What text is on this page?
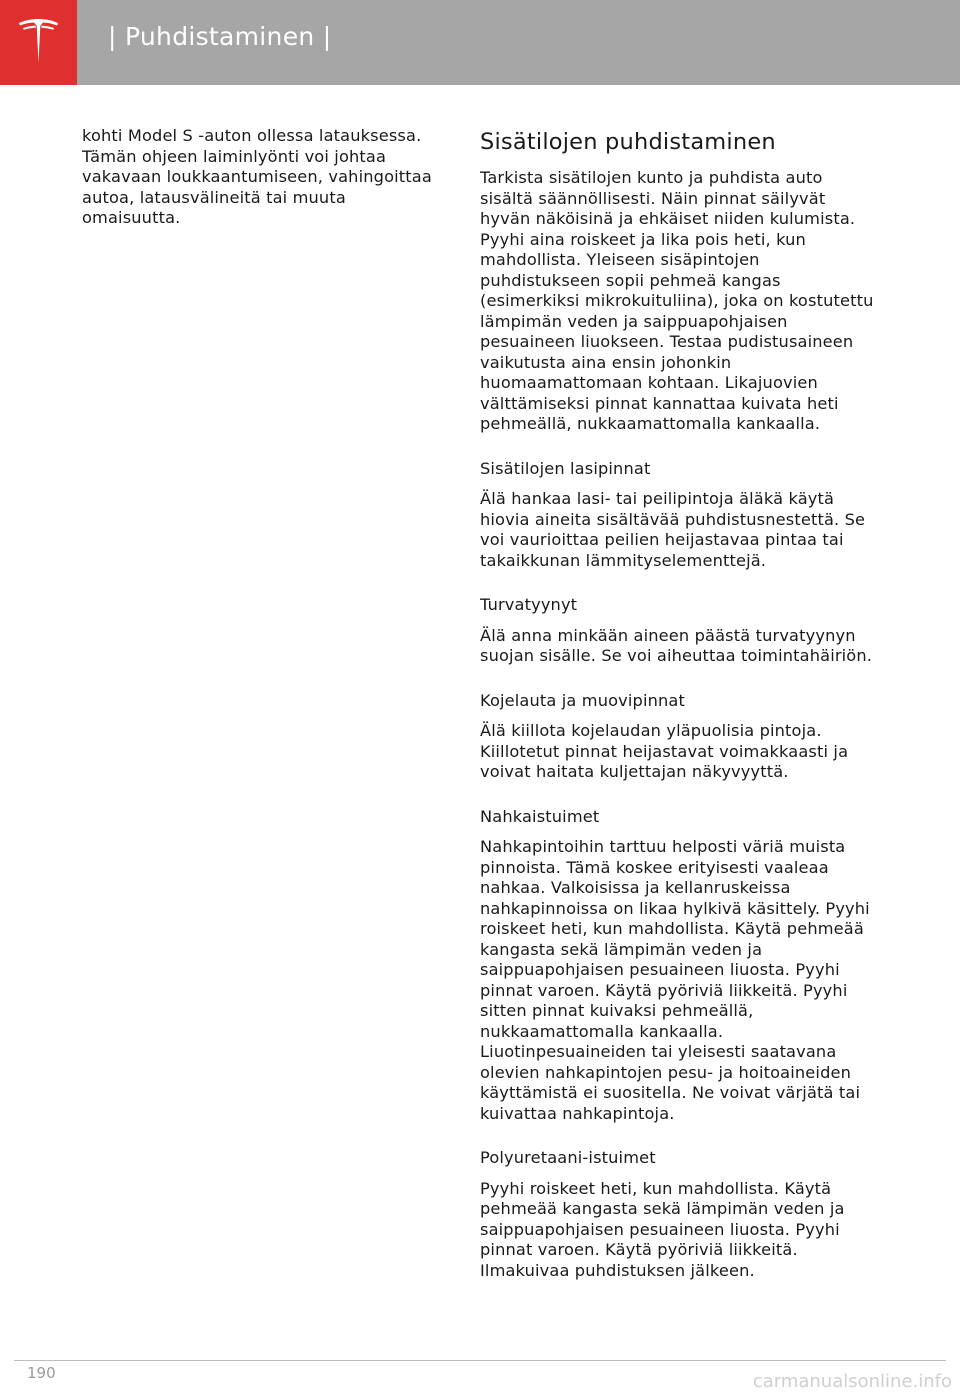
| Puhdistaminen |

kohti Model S -auton ollessa latauksessa. Tämän ohjeen laiminlyönti voi johtaa vakavaan loukkaantumiseen, vahingoittaa autoa, latausvälineitä tai muuta omaisuutta.

Sisätilojen puhdistaminen

Tarkista sisätilojen kunto ja puhdista auto sisältä säännöllisesti. Näin pinnat säilyvät hyvän näköisinä ja ehkäiset niiden kulumista. Pyyhi aina roiskeet ja lika pois heti, kun mahdollista. Yleiseen sisäpintojen puhdistukseen sopii pehmeä kangas (esimerkiksi mikrokuituliina), joka on kostutettu lämpimän veden ja saippuapohjaisen pesuaineen liuokseen. Testaa pudistusaineen vaikutusta aina ensin johonkin huomaamattomaan kohtaan. Likajuovien välttämiseksi pinnat kannattaa kuivata heti pehmeällä, nukkaamattomalla kankaalla.

Sisätilojen lasipinnat

Älä hankaa lasi- tai peilipintoja äläkä käytä hiovia aineita sisältävää puhdistusnestettä. Se voi vaurioittaa peilien heijastavaa pintaa tai takaikkunan lämmityselementtejä.

Turvatyynyt

Älä anna minkään aineen päästä turvatyynyn suojan sisälle. Se voi aiheuttaa toimintahäiriön.

Kojelauta ja muovipinnat

Älä kiillota kojelaudan yläpuolisia pintoja. Kiillotetut pinnat heijastavat voimakkaasti ja voivat haitata kuljettajan näkyvyyttä.

Nahkaistuimet

Nahkapintoihin tarttuu helposti väriä muista pinnoista. Tämä koskee erityisesti vaaleaa nahkaa. Valkoisissa ja kellanruskeissa nahkapinnoissa on likaa hylkivä käsittely. Pyyhi roiskeet heti, kun mahdollista. Käytä pehmeää kangasta sekä lämpimän veden ja saippuapohjaisen pesuaineen liuosta. Pyyhi pinnat varoen. Käytä pyöriviä liikkeitä. Pyyhi sitten pinnat kuivaksi pehmeällä, nukkaamattomalla kankaalla. Liuotinpesuaineiden tai yleisesti saatavana olevien nahkapintojen pesu- ja hoitoaineiden käyttämistä ei suositella. Ne voivat värjätä tai kuivattaa nahkapintoja.

Polyuretaani-istuimet

Pyyhi roiskeet heti, kun mahdollista. Käytä pehmeää kangasta sekä lämpimän veden ja saippuapohjaisen pesuaineen liuosta. Pyyhi pinnat varoen. Käytä pyöriviä liikkeitä. Ilmakuivaa puhdistuksen jälkeen.

190	carmanualsonline.info
